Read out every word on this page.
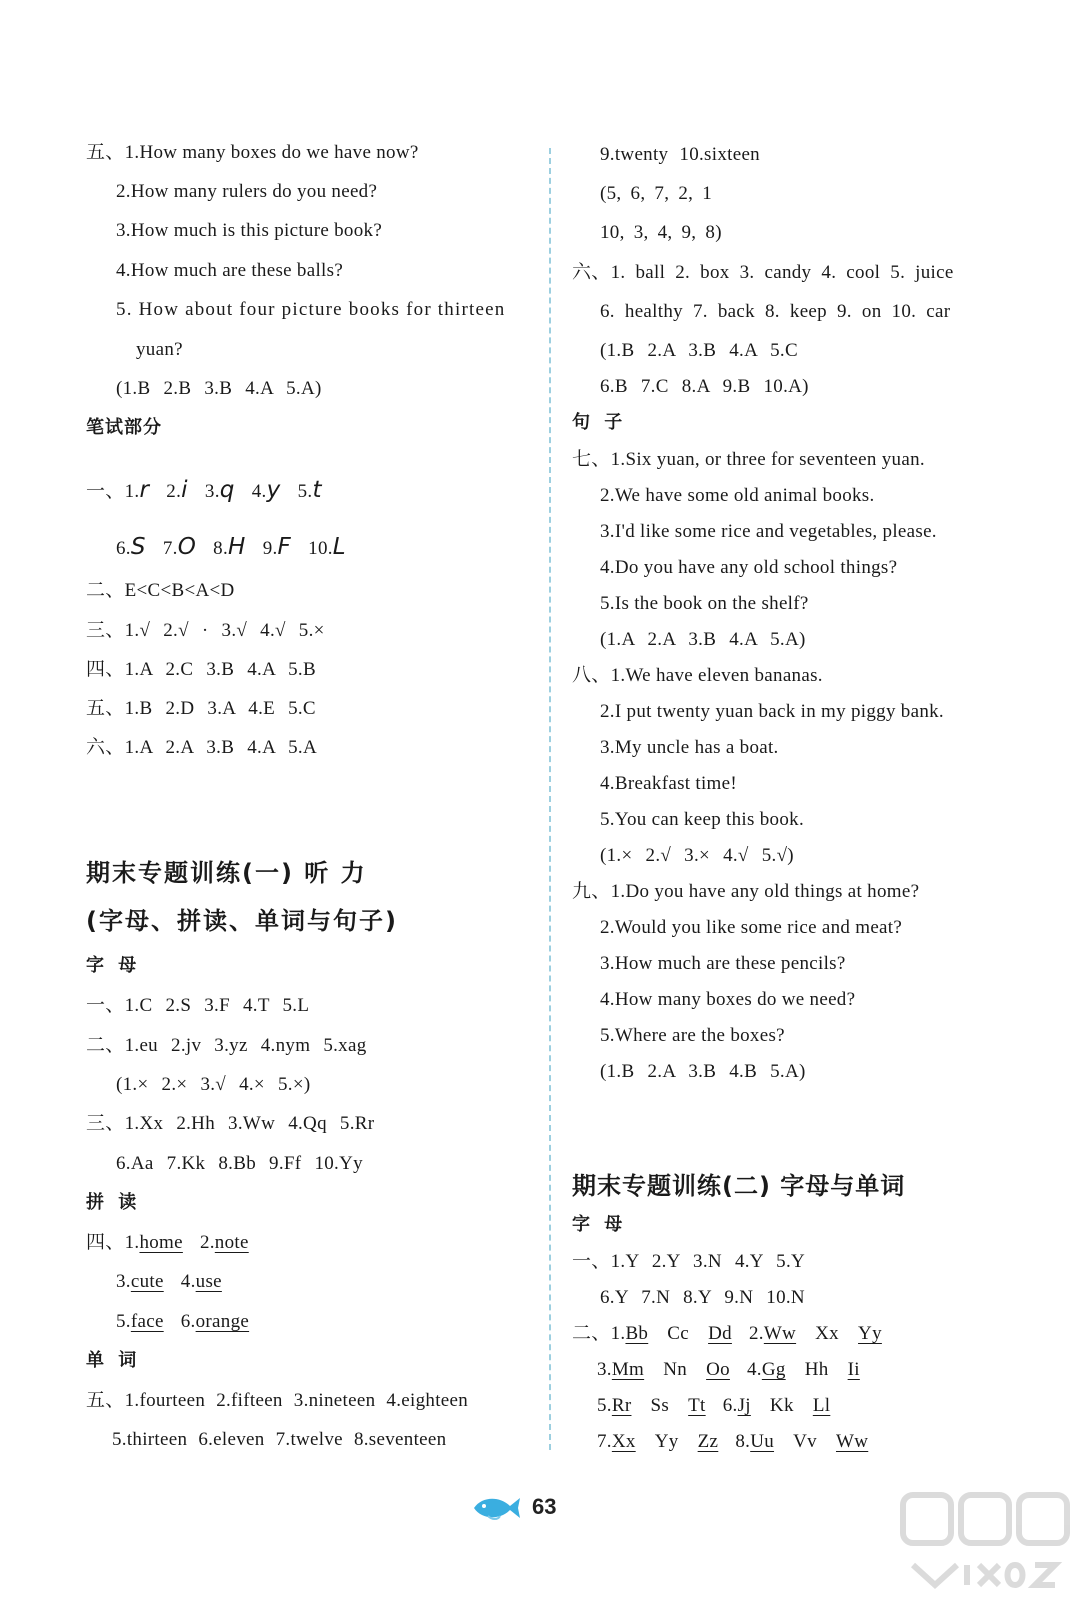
五、1.How many boxes do we have now?
2.How many rulers do you need?
3.How much is this picture book?
4.How much are these balls?
5. How about four picture books for thirteen
yuan?
(1.B 2.B 3.B 4.A 5.A)
笔试部分
一、1.r 2.i 3.q 4.y 5.t
6.S 7.O 8.H 9.F 10.L
二、E<C<B<A<D
三、1.√ 2.√ · 3.√ 4.√ 5.×
四、1.A 2.C 3.B 4.A 5.B
五、1.B 2.D 3.A 4.E 5.C
六、1.A 2.A 3.B 4.A 5.A
期末专题训练(一) 听 力
(字母、拼读、单词与句子)
字 母
一、1.C 2.S 3.F 4.T 5.L
二、1.eu 2.jv 3.yz 4.nym 5.xag
(1.× 2.× 3.√ 4.× 5.×)
三、1.Xx 2.Hh 3.Ww 4.Qq 5.Rr
6.Aa 7.Kk 8.Bb 9.Ff 10.Yy
拼 读
四、1.home 2.note
3.cute 4.use
5.face 6.orange
单 词
五、1.fourteen 2.fifteen 3.nineteen 4.eighteen
5.thirteen 6.eleven 7.twelve 8.seventeen
9.twenty 10.sixteen
(5, 6, 7, 2, 1
10, 3, 4, 9, 8)
六、1. ball 2. box 3. candy 4. cool 5. juice
6. healthy 7. back 8. keep 9. on 10. car
(1.B 2.A 3.B 4.A 5.C
6.B 7.C 8.A 9.B 10.A)
句 子
七、1.Six yuan, or three for seventeen yuan.
2.We have some old animal books.
3.I'd like some rice and vegetables, please.
4.Do you have any old school things?
5.Is the book on the shelf?
(1.A 2.A 3.B 4.A 5.A)
八、1.We have eleven bananas.
2.I put twenty yuan back in my piggy bank.
3.My uncle has a boat.
4.Breakfast time!
5.You can keep this book.
(1.× 2.√ 3.× 4.√ 5.√)
九、1.Do you have any old things at home?
2.Would you like some rice and meat?
3.How much are these pencils?
4.How many boxes do we need?
5.Where are the boxes?
(1.B 2.A 3.B 4.B 5.A)
期末专题训练(二) 字母与单词
字 母
一、1.Y 2.Y 3.N 4.Y 5.Y
6.Y 7.N 8.Y 9.N 10.N
二、1.Bb Cc Dd 2.Ww Xx Yy
3.Mm Nn Oo 4.Gg Hh Ii
5.Rr Ss Tt 6.Jj Kk Ll
7.Xx Yy Zz 8.Uu Vv Ww
63
